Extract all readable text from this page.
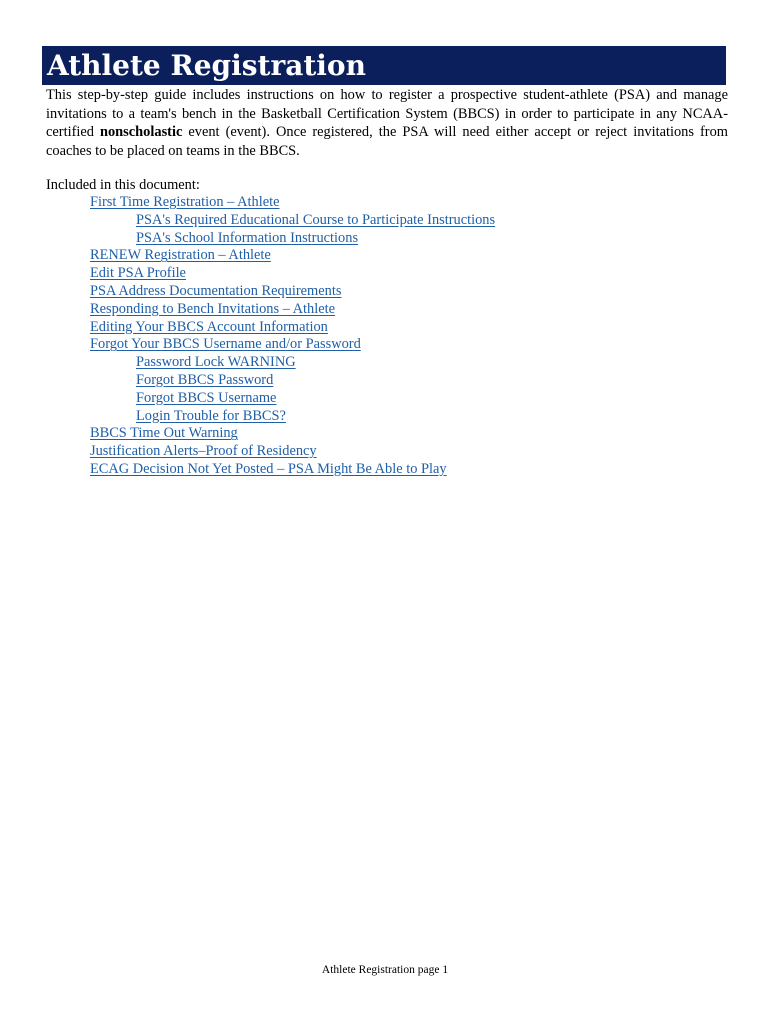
Athlete Registration

This step-by-step guide includes instructions on how to register a prospective student-athlete (PSA) and manage
invitations to a team's bench in the Basketball Certification System (BBCS) in order to participate in any NCAA-
certified nonscholastic event (event). Once registered, the PSA will need either accept or reject invitations from
coaches to be placed on teams in the BBCS.

Included in this document:

First Time Registration – Athlete
PSA's Required Educational Course to Participate Instructions
PSA's School Information Instructions
RENEW Registration – Athlete
Edit PSA Profile
PSA Address Documentation Requirements
Responding to Bench Invitations – Athlete
Editing Your BBCS Account Information
Forgot Your BBCS Username and/or Password
Password Lock WARNING
Forgot BBCS Password
Forgot BBCS Username
Login Trouble for BBCS?
BBCS Time Out Warning
Justification Alerts–Proof of Residency
ECAG Decision Not Yet Posted – PSA Might Be Able to Play
Athlete Registration page 1
